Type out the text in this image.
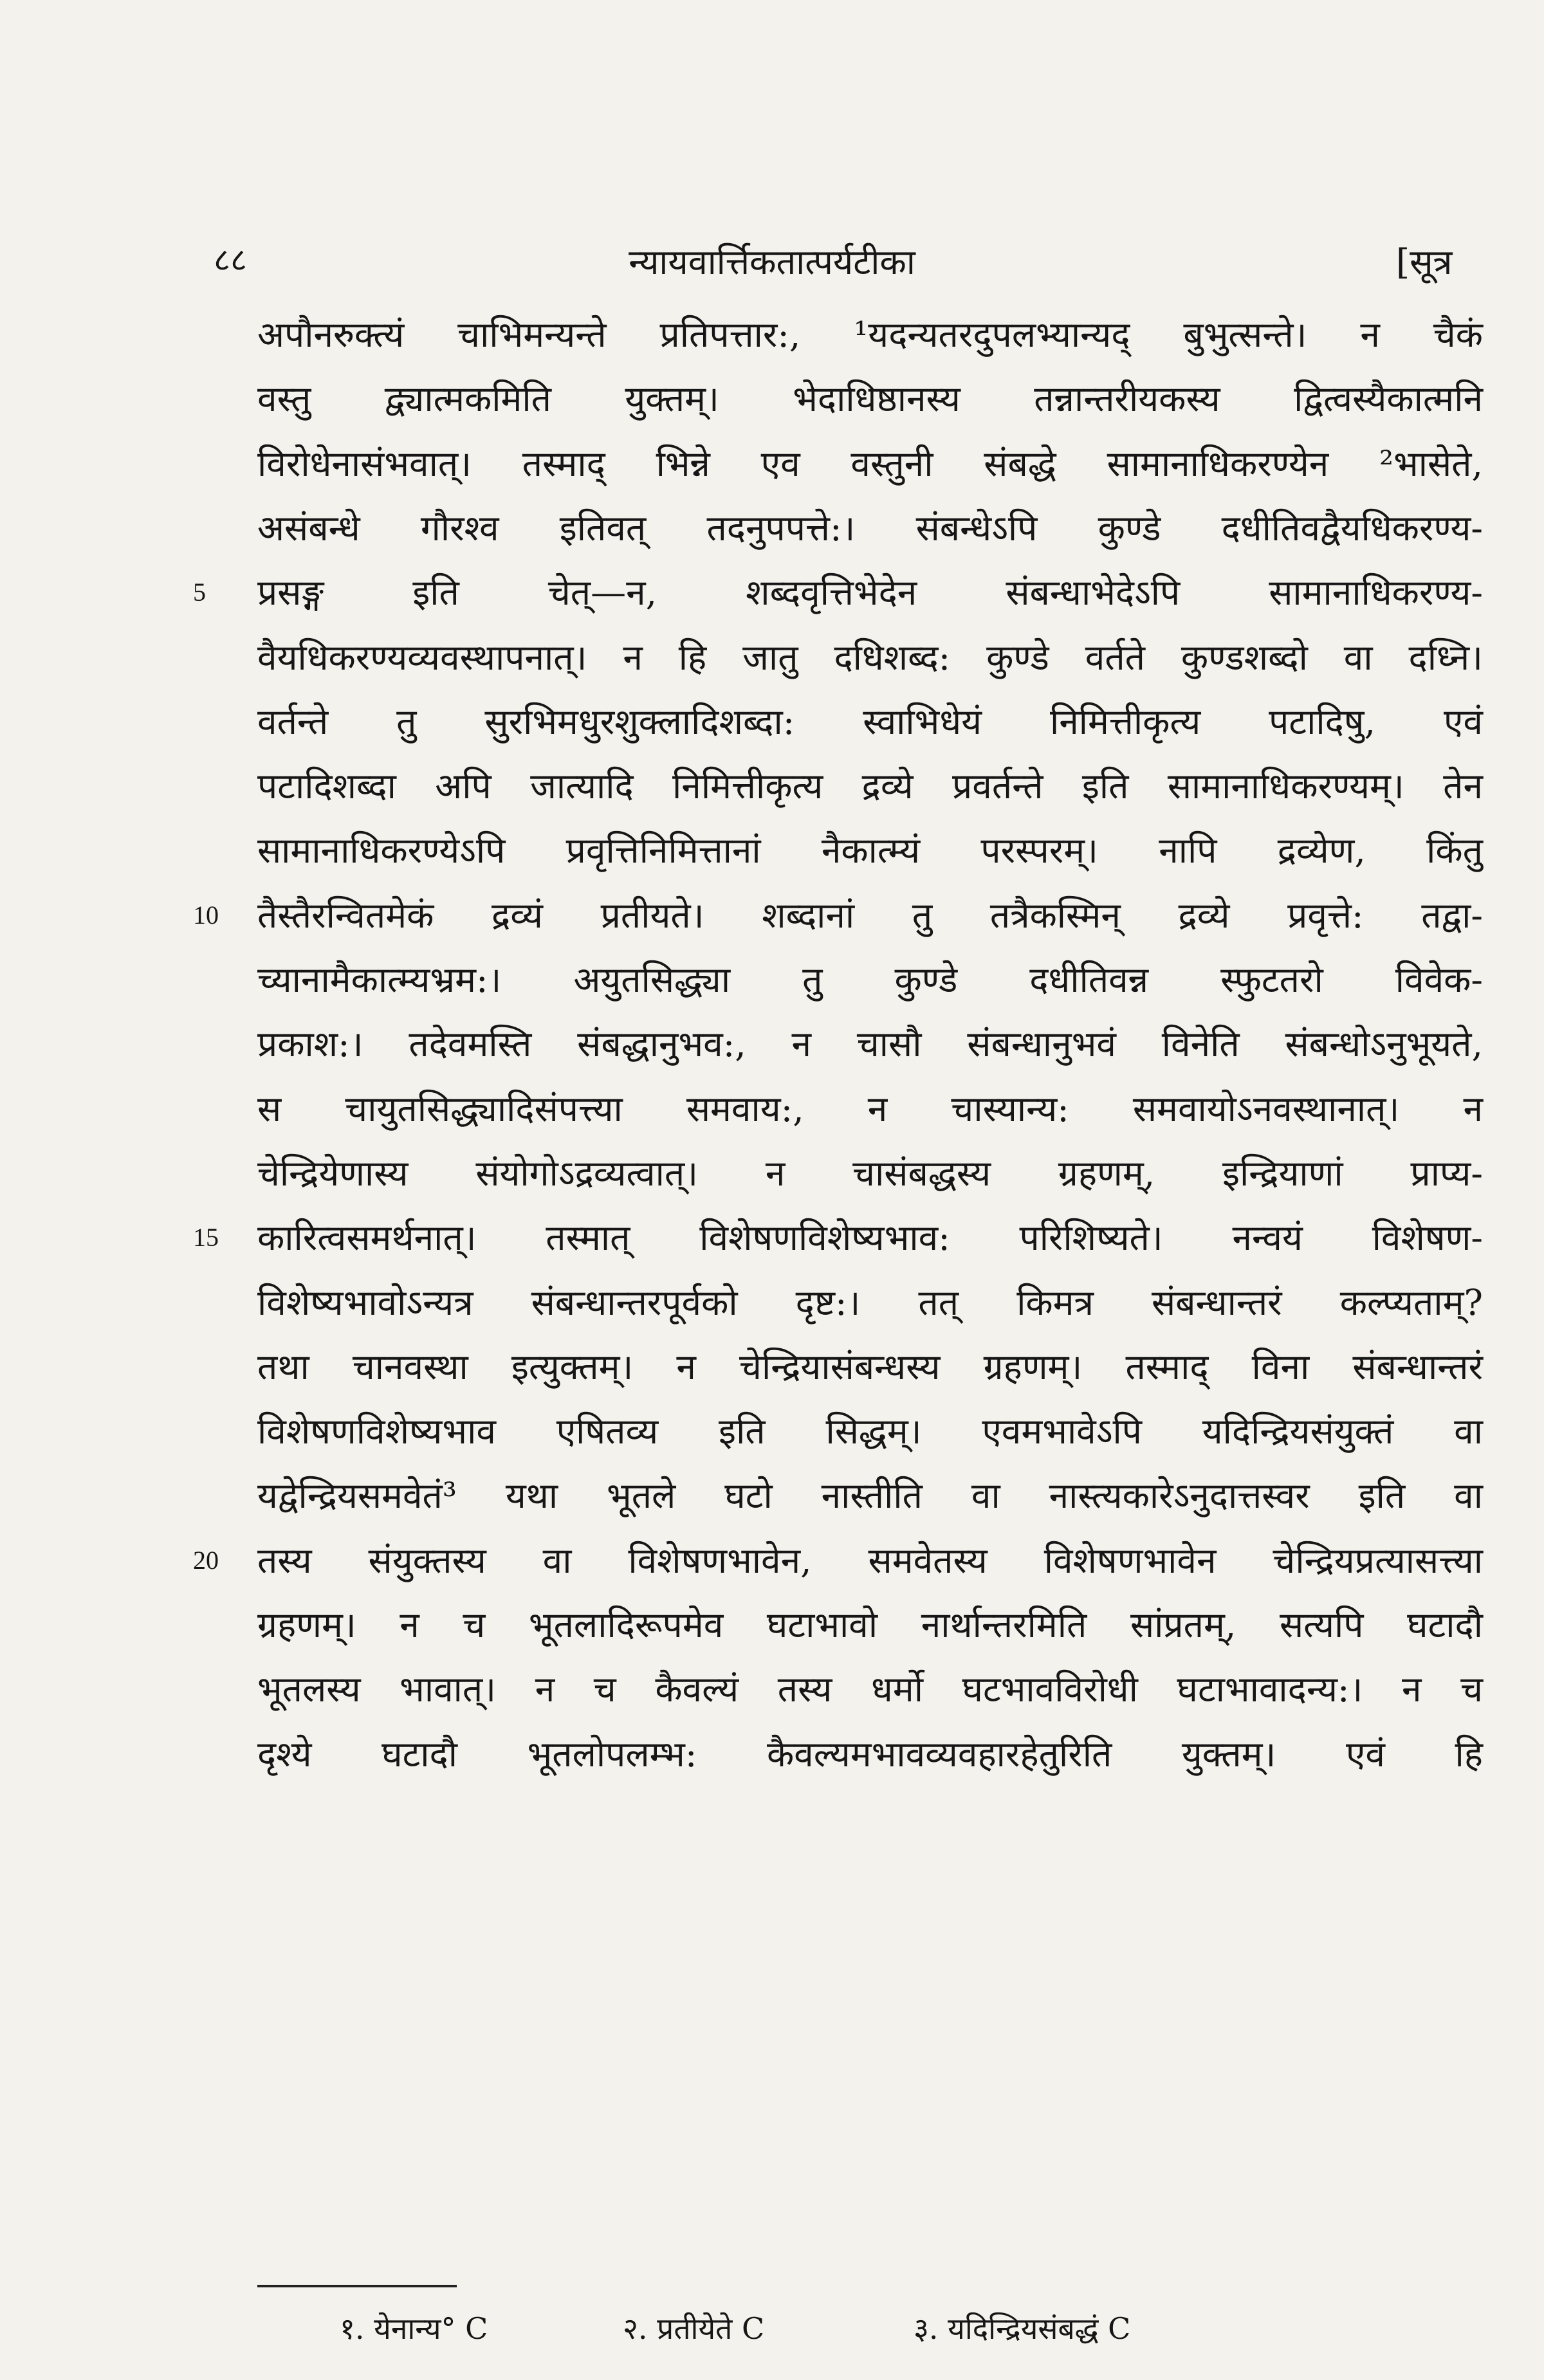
८८	न्यायवार्त्तिकतात्पर्यटीका	[सूत्र
अपौनरुक्त्यं चाभिमन्यन्ते प्रतिपत्तार:, ¹यदन्यतरदुपलभ्यान्यद् बुभुत्सन्ते। न चैकं
वस्तु द्व्यात्मकमिति युक्तम्। भेदाधिष्ठानस्य तन्नान्तरीयकस्य द्वित्वस्यैकात्मनि
विरोधेनासंभवात्। तस्माद् भिन्ने एव वस्तुनी संबद्धे सामानाधिकरण्येन ²भासेते,
असंबन्धे गौरश्व इतिवत् तदनुपपत्ते:। संबन्धेऽपि कुण्डे दधीतिवद्वैयधिकरण्य-
5	प्रसङ्ग इति चेत्—न, शब्दवृत्तिभेदेन संबन्धाभेदेऽपि सामानाधिकरण्य-
वैयधिकरण्यव्यवस्थापनात्। न हि जातु दधिशब्द: कुण्डे वर्तते कुण्डशब्दो वा दध्नि।
वर्तन्ते तु सुरभिमधुरशुक्लादिशब्दा: स्वाभिधेयं निमित्तीकृत्य पटादिषु, एवं
पटादिशब्दा अपि जात्यादि निमित्तीकृत्य द्रव्ये प्रवर्तन्ते इति सामानाधिकरण्यम्। तेन
सामानाधिकरण्येऽपि प्रवृत्तिनिमित्तानां नैकात्म्यं परस्परम्। नापि द्रव्येण, किंतु
10	तैस्तैरन्वितमेकं द्रव्यं प्रतीयते। शब्दानां तु तत्रैकस्मिन् द्रव्ये प्रवृत्ते: तद्वा-
च्यानामैकात्म्यभ्रम:। अयुतसिद्ध्या तु कुण्डे दधीतिवन्न स्फुटतरो विवेक-
प्रकाश:। तदेवमस्ति संबद्धानुभव:, न चासौ संबन्धानुभवं विनेति संबन्धोऽनुभूयते,
स चायुतसिद्ध्यादिसंपत्त्या समवाय:, न चास्यान्य: समवायोऽनवस्थानात्। न
चेन्द्रियेणास्य संयोगोऽद्रव्यत्वात्। न चासंबद्धस्य ग्रहणम्, इन्द्रियाणां प्राप्य-
15	कारित्वसमर्थनात्। तस्मात् विशेषणविशेष्यभाव: परिशिष्यते। नन्वयं विशेषण-
विशेष्यभावोऽन्यत्र संबन्धान्तरपूर्वको दृष्ट:। तत् किमत्र संबन्धान्तरं कल्प्यताम्?
तथा चानवस्था इत्युक्तम्। न चेन्द्रियासंबन्धस्य ग्रहणम्। तस्माद् विना संबन्धान्तरं
विशेषणविशेष्यभाव एषितव्य इति सिद्धम्। एवमभावेऽपि यदिन्द्रियसंयुक्तं वा
यद्वेन्द्रियसमवेतं³ यथा भूतले घटो नास्तीति वा नास्त्यकारेऽनुदात्तस्वर इति वा
20	तस्य संयुक्तस्य वा विशेषणभावेन, समवेतस्य विशेषणभावेन चेन्द्रियप्रत्यासत्त्या
ग्रहणम्। न च भूतलादिरूपमेव घटाभावो नार्थान्तरमिति सांप्रतम्, सत्यपि घटादौ
भूतलस्य भावात्। न च कैवल्यं तस्य धर्मो घटभावविरोधी घटाभावादन्य:। न च
दृश्ये घटादौ भूतलोपलम्भ: कैवल्यमभावव्यवहारहेतुरिति युक्तम्। एवं हि
१. येनान्य° C	२. प्रतीयेते C	३. यदिन्द्रियसंबद्धं C
